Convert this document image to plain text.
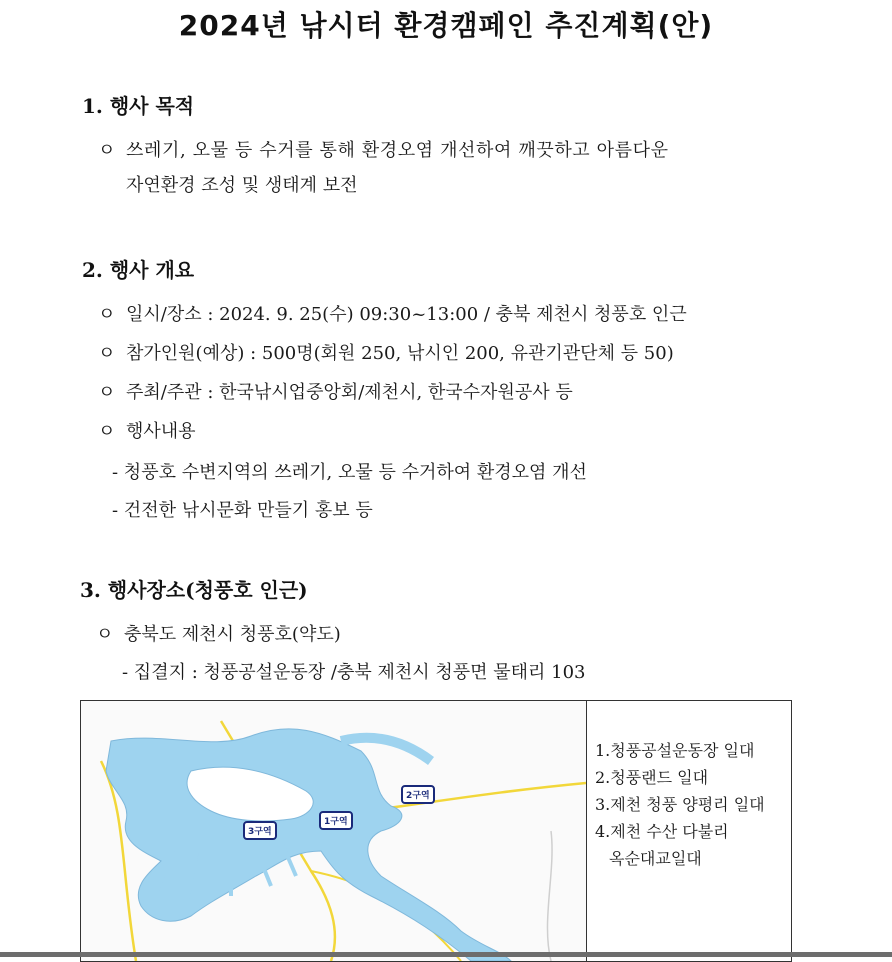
2024년 낚시터 환경캠페인 추진계획(안)
1. 행사 목적
ㅇ 쓰레기, 오물 등 수거를 통해 환경오염 개선하여 깨끗하고 아름다운
자연환경 조성 및 생태계 보전
2. 행사 개요
ㅇ 일시/장소 : 2024. 9. 25(수) 09:30~13:00 / 충북 제천시 청풍호 인근
ㅇ 참가인원(예상) : 500명(회원 250, 낚시인 200, 유관기관단체 등 50)
ㅇ 주최/주관 : 한국낚시업중앙회/제천시, 한국수자원공사 등
ㅇ 행사내용
- 청풍호 수변지역의 쓰레기, 오물 등 수거하여 환경오염 개선
- 건전한 낚시문화 만들기 홍보 등
3. 행사장소(청풍호 인근)
ㅇ 충북도 제천시 청풍호(약도)
- 집결지 : 청풍공설운동장 /충북 제천시 청풍면 물태리 103
1구역
2구역
3구역
1.청풍공설운동장 일대
2.청풍랜드 일대
3.제천 청풍 양평리 일대
4.제천 수산 다불리
옥순대교일대
